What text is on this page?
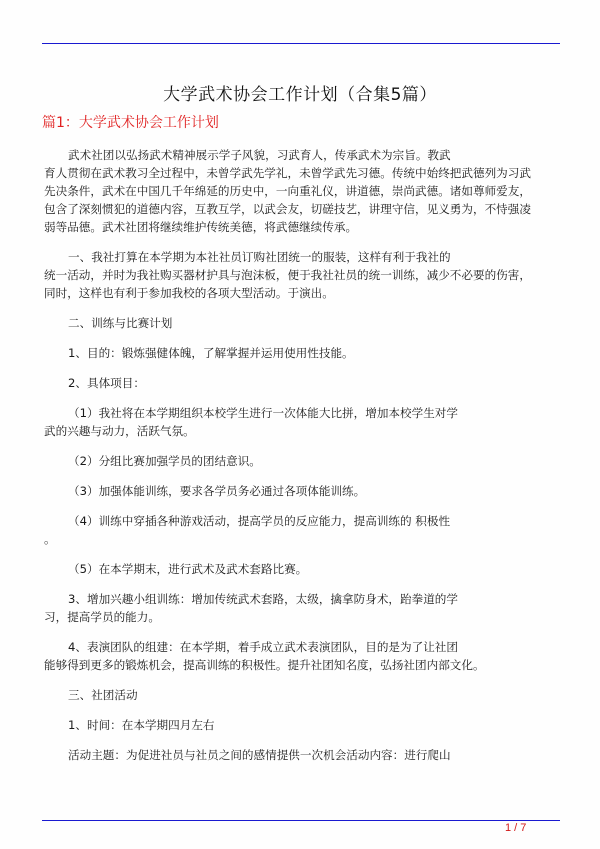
大学武术协会工作计划（合集5篇）
篇1：大学武术协会工作计划

武术社团以弘扬武术精神展示学子风貌，习武育人，传承武术为宗旨。教武
育人贯彻在武术教习全过程中，未曾学武先学礼，未曾学武先习德。传统中始终把武德列为习武
先决条件，武术在中国几千年绵延的历史中，一向重礼仪，讲道德，崇尚武德。诸如尊师爱友，
包含了深刻惯犯的道德内容，互教互学，以武会友，切磋技艺，讲理守信，见义勇为，不恃强凌
弱等品德。武术社团将继续维护传统美德，将武德继续传承。

一、我社打算在本学期为本社社员订购社团统一的服装，这样有利于我社的
统一活动，并时为我社购买器材护具与泡沫板，便于我社社员的统一训练，减少不必要的伤害，
同时，这样也有利于参加我校的各项大型活动。于演出。

二、训练与比赛计划

1、目的：锻炼强健体魄，了解掌握并运用使用性技能。

2、具体项目：

（1）我社将在本学期组织本校学生进行一次体能大比拼，增加本校学生对学
武的兴趣与动力，活跃气氛。

（2）分组比赛加强学员的团结意识。

（3）加强体能训练，要求各学员务必通过各项体能训练。

（4）训练中穿插各种游戏活动，提高学员的反应能力，提高训练的 积极性
。

（5）在本学期末，进行武术及武术套路比赛。

3、增加兴趣小组训练：增加传统武术套路，太级，擒拿防身术，跆拳道的学
习，提高学员的能力。

4、表演团队的组建：在本学期，着手成立武术表演团队，目的是为了让社团
能够得到更多的锻炼机会，提高训练的积极性。提升社团知名度，弘扬社团内部文化。

三、社团活动

1、时间：在本学期四月左右

活动主题：为促进社员与社员之间的感情提供一次机会活动内容：进行爬山

1 / 7
